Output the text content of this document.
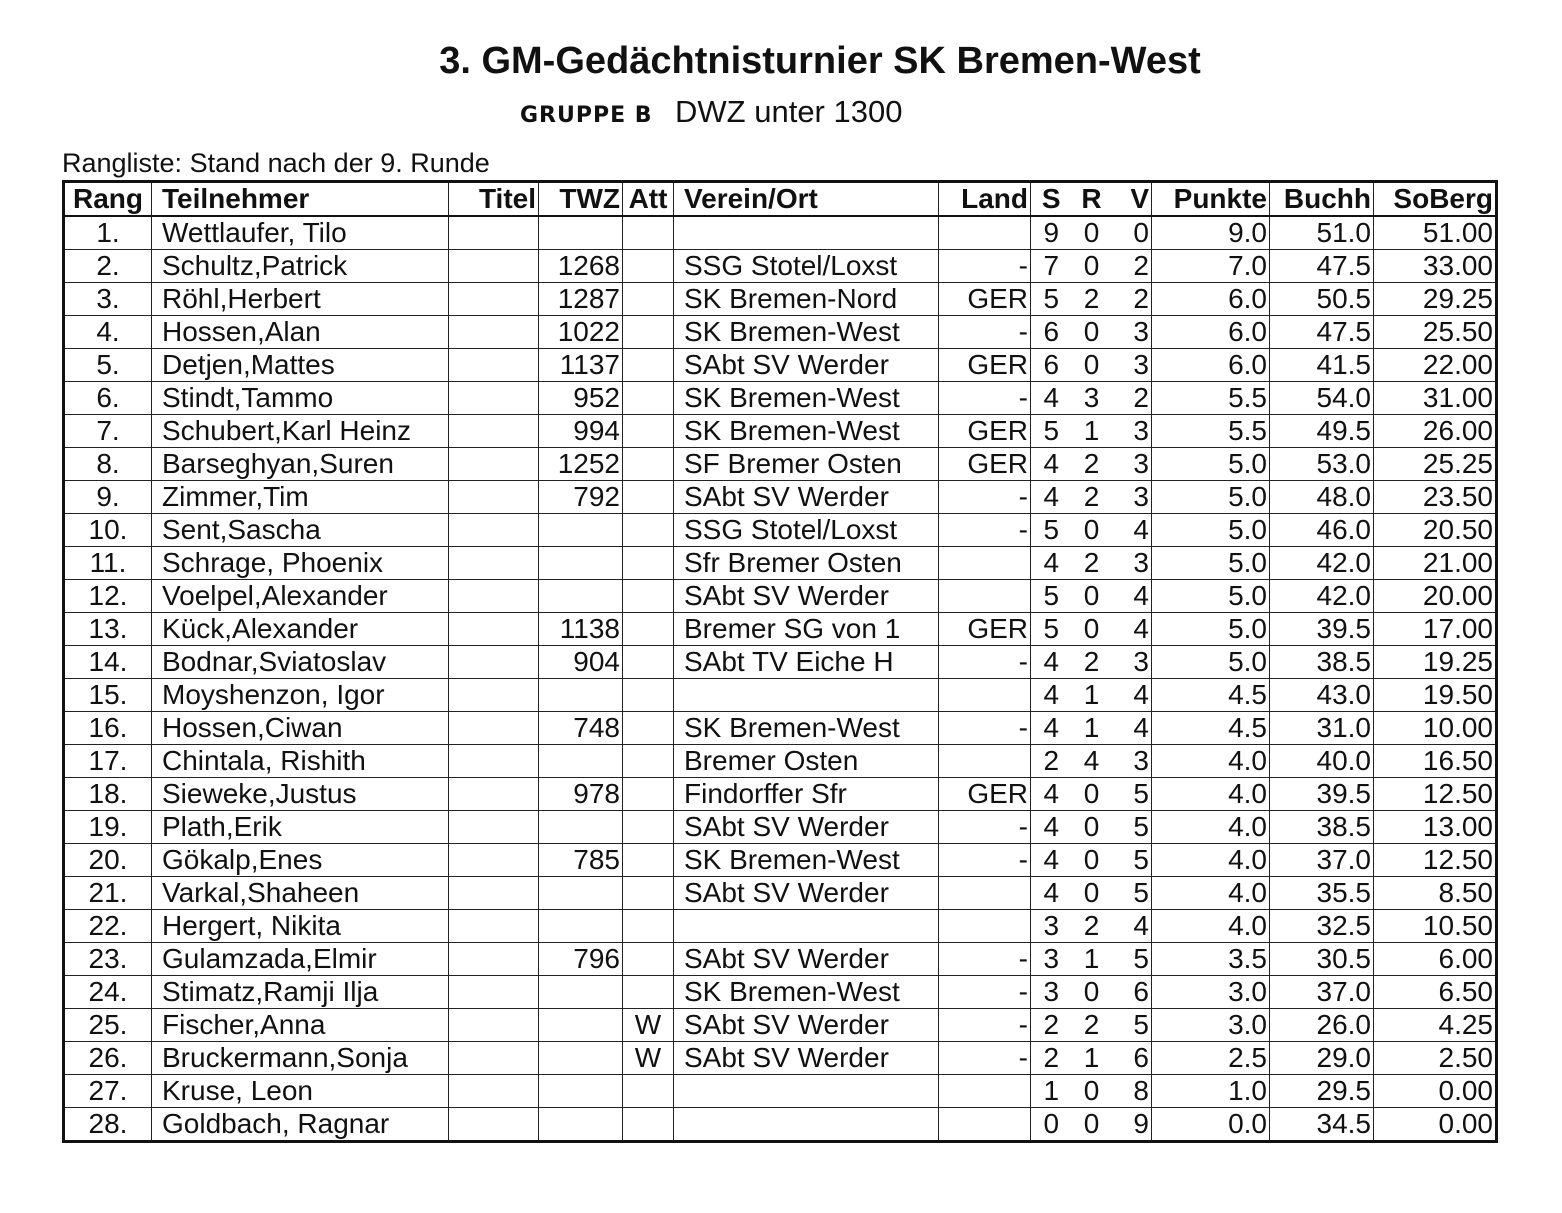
3. GM-Gedächtnisturnier SK Bremen-West
GRUPPE B DWZ unter 1300
Rangliste: Stand nach der 9. Runde
Rang	Teilnehmer	Titel	TWZ	Att	Verein/Ort	Land	S	R	V	Punkte	Buchh	SoBerg
1.	Wettlaufer, Tilo						9	0	0	9.0	51.0	51.00
2.	Schultz,Patrick		1268		SSG Stotel/Loxst	-	7	0	2	7.0	47.5	33.00
3.	Röhl,Herbert		1287		SK Bremen-Nord	GER	5	2	2	6.0	50.5	29.25
4.	Hossen,Alan		1022		SK Bremen-West	-	6	0	3	6.0	47.5	25.50
5.	Detjen,Mattes		1137		SAbt SV Werder	GER	6	0	3	6.0	41.5	22.00
6.	Stindt,Tammo		952		SK Bremen-West	-	4	3	2	5.5	54.0	31.00
7.	Schubert,Karl Heinz		994		SK Bremen-West	GER	5	1	3	5.5	49.5	26.00
8.	Barseghyan,Suren		1252		SF Bremer Osten	GER	4	2	3	5.0	53.0	25.25
9.	Zimmer,Tim		792		SAbt SV Werder	-	4	2	3	5.0	48.0	23.50
10.	Sent,Sascha				SSG Stotel/Loxst	-	5	0	4	5.0	46.0	20.50
11.	Schrage, Phoenix				Sfr Bremer Osten		4	2	3	5.0	42.0	21.00
12.	Voelpel,Alexander				SAbt SV Werder		5	0	4	5.0	42.0	20.00
13.	Kück,Alexander		1138		Bremer SG von 1	GER	5	0	4	5.0	39.5	17.00
14.	Bodnar,Sviatoslav		904		SAbt TV Eiche H	-	4	2	3	5.0	38.5	19.25
15.	Moyshenzon, Igor						4	1	4	4.5	43.0	19.50
16.	Hossen,Ciwan		748		SK Bremen-West	-	4	1	4	4.5	31.0	10.00
17.	Chintala, Rishith				Bremer Osten		2	4	3	4.0	40.0	16.50
18.	Sieweke,Justus		978		Findorffer Sfr	GER	4	0	5	4.0	39.5	12.50
19.	Plath,Erik				SAbt SV Werder	-	4	0	5	4.0	38.5	13.00
20.	Gökalp,Enes		785		SK Bremen-West	-	4	0	5	4.0	37.0	12.50
21.	Varkal,Shaheen				SAbt SV Werder		4	0	5	4.0	35.5	8.50
22.	Hergert, Nikita						3	2	4	4.0	32.5	10.50
23.	Gulamzada,Elmir		796		SAbt SV Werder	-	3	1	5	3.5	30.5	6.00
24.	Stimatz,Ramji Ilja				SK Bremen-West	-	3	0	6	3.0	37.0	6.50
25.	Fischer,Anna			W	SAbt SV Werder	-	2	2	5	3.0	26.0	4.25
26.	Bruckermann,Sonja			W	SAbt SV Werder	-	2	1	6	2.5	29.0	2.50
27.	Kruse, Leon						1	0	8	1.0	29.5	0.00
28.	Goldbach, Ragnar						0	0	9	0.0	34.5	0.00
